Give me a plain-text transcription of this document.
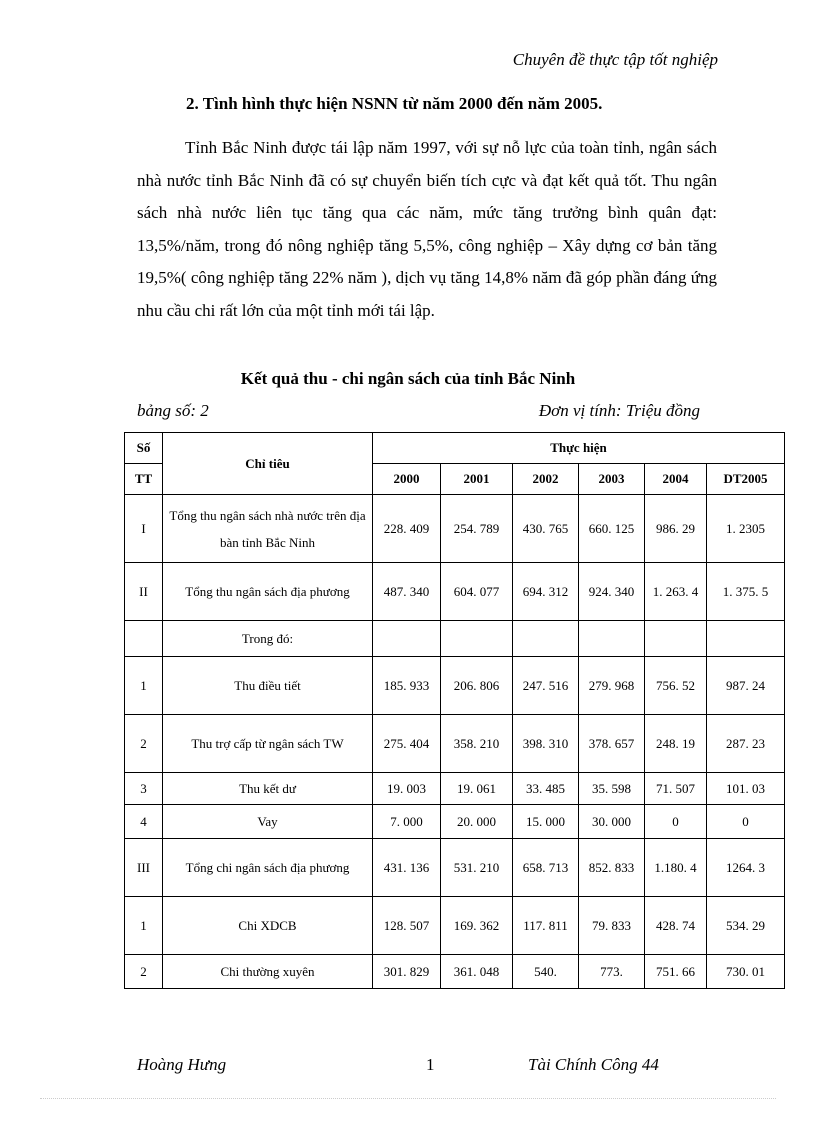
Chuyên đề thực tập tốt nghiệp
2. Tình hình thực hiện NSNN từ năm 2000 đến năm 2005.
Tỉnh Bắc Ninh được tái lập năm 1997, với sự nỗ lực của toàn tỉnh, ngân sách nhà nước tỉnh Bắc Ninh đã có sự chuyển biến tích cực và đạt kết quả tốt. Thu ngân sách nhà nước liên tục tăng qua các năm, mức tăng trưởng bình quân đạt: 13,5%/năm, trong đó nông nghiệp tăng 5,5%, công nghiệp – Xây dựng cơ bản tăng 19,5%( công nghiệp tăng 22% năm ), dịch vụ tăng 14,8% năm đã góp phần đáng ứng nhu cầu chi rất lớn của một tỉnh mới tái lập.
Kết quả thu - chi ngân sách của tỉnh Bắc Ninh
bảng số: 2	Đơn vị tính: Triệu đồng
Số	Chỉ tiêu	Thực hiện					
TT		2000	2001	2002	2003	2004	DT2005
I	Tổng thu ngân sách nhà nước trên địa bàn tỉnh Bắc Ninh	228. 409	254. 789	430. 765	660. 125	986. 29	1. 2305
II	Tổng thu ngân sách địa phương	487. 340	604. 077	694. 312	924. 340	1. 263. 4	1. 375. 5
	Trong đó:						
1	Thu điều tiết	185. 933	206. 806	247. 516	279. 968	756. 52	987. 24
2	Thu trợ cấp từ ngân sách TW	275. 404	358. 210	398. 310	378. 657	248. 19	287. 23
3	Thu kết dư	19. 003	19. 061	33. 485	35. 598	71. 507	101. 03
4	Vay	7. 000	20. 000	15. 000	30. 000	0	0
III	Tổng chi ngân sách địa phương	431. 136	531. 210	658. 713	852. 833	1.180. 4	1264. 3
1	Chi XDCB	128. 507	169. 362	117. 811	79. 833	428. 74	534. 29
2	Chi thường xuyên	301. 829	361. 048	540.	773.	751. 66	730. 01
Hoàng Hưng	1	Tài Chính Công 44
